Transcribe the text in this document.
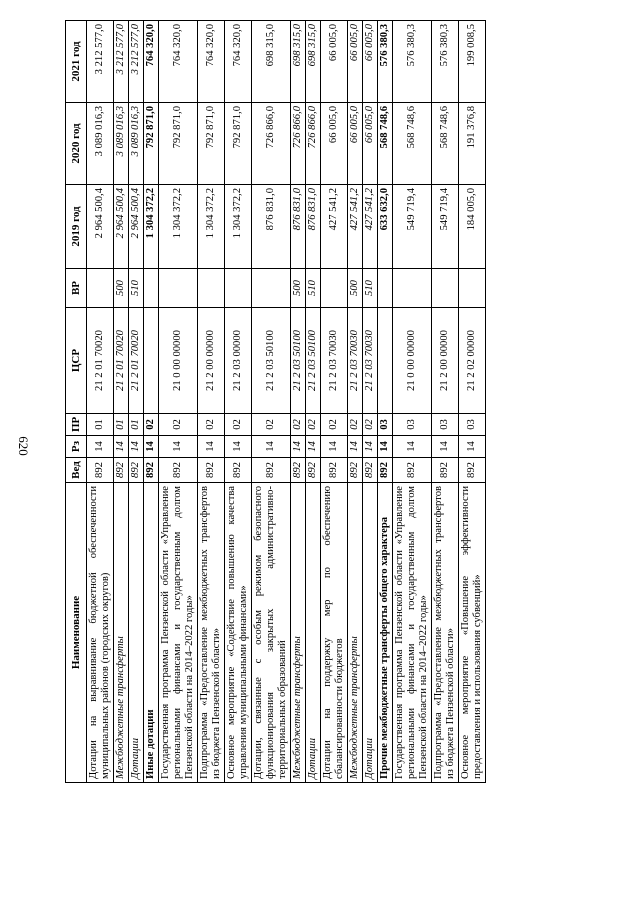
620
Наименование	Вед	Рз	ПР	ЦСР	ВР	2019 год	2020 год	2021 год
Дотации на выравнивание бюджетной обеспеченности муниципальных районов (городских округов)	892	14	01	21 2 01 70020		2 964 500,4	3 089 016,3	3 212 577,0
Межбюджетные трансферты	892	14	01	21 2 01 70020	500	2 964 500,4	3 089 016,3	3 212 577,0
Дотации	892	14	01	21 2 01 70020	510	2 964 500,4	3 089 016,3	3 212 577,0
Иные дотации	892	14	02			1 304 372,2	792 871,0	764 320,0
Государственная программа Пензенской области «Управление региональными финансами и государственным долгом Пензенской области на 2014–2022 годы»	892	14	02	21 0 00 00000		1 304 372,2	792 871,0	764 320,0
Подпрограмма «Предоставление межбюджетных трансфертов из бюджета Пензенской области»	892	14	02	21 2 00 00000		1 304 372,2	792 871,0	764 320,0
Основное мероприятие «Содействие повышению качества управления муниципальными финансами»	892	14	02	21 2 03 00000		1 304 372,2	792 871,0	764 320,0
Дотации, связанные с особым режимом безопасного функционирования закрытых административно-территориальных образований	892	14	02	21 2 03 50100		876 831,0	726 866,0	698 315,0
Межбюджетные трансферты	892	14	02	21 2 03 50100	500	876 831,0	726 866,0	698 315,0
Дотации	892	14	02	21 2 03 50100	510	876 831,0	726 866,0	698 315,0
Дотации на поддержку мер по обеспечению сбалансированности бюджетов	892	14	02	21 2 03 70030		427 541,2	66 005,0	66 005,0
Межбюджетные трансферты	892	14	02	21 2 03 70030	500	427 541,2	66 005,0	66 005,0
Дотации	892	14	02	21 2 03 70030	510	427 541,2	66 005,0	66 005,0
Прочие межбюджетные трансферты общего характера	892	14	03			633 632,0	568 748,6	576 380,3
Государственная программа Пензенской области «Управление региональными финансами и государственным долгом Пензенской области на 2014–2022 годы»	892	14	03	21 0 00 00000		549 719,4	568 748,6	576 380,3
Подпрограмма «Предоставление межбюджетных трансфертов из бюджета Пензенской области»	892	14	03	21 2 00 00000		549 719,4	568 748,6	576 380,3
Основное мероприятие «Повышение эффективности предоставления и использования субвенций»	892	14	03	21 2 02 00000		184 005,0	191 376,8	199 008,5
